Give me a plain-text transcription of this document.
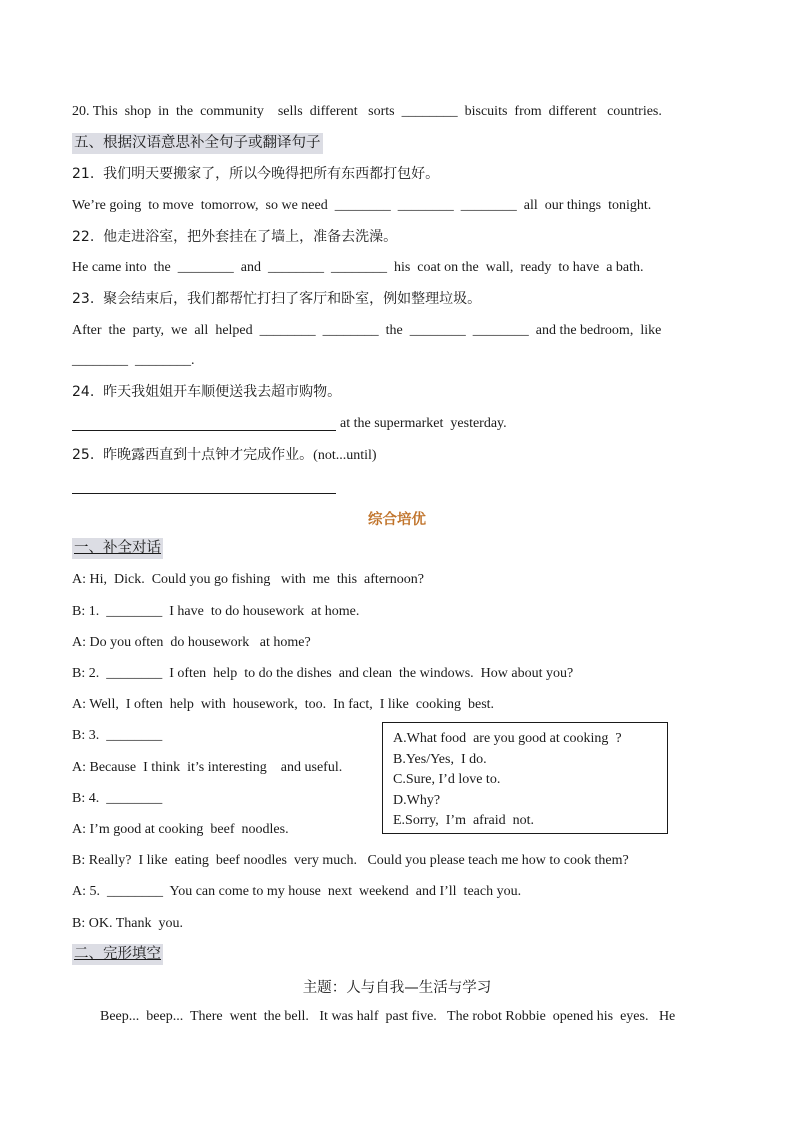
20. This  shop  in  the  community    sells  different   sorts  ________  biscuits  from  different   countries.
五、根据汉语意思补全句子或翻译句子
21.  我们明天要搬家了，所以今晚得把所有东西都打包好。
We’re going  to move  tomorrow,  so we need  ________  ________  ________  all  our things  tonight.
22.  他走进浴室，把外套挂在了墙上，准备去洗澡。
He came into  the  ________  and  ________  ________  his  coat on the  wall,  ready  to have  a bath.
23.  聚会结束后，我们都帮忙打扫了客厅和卧室，例如整理垃圾。
After  the  party,  we  all  helped  ________  ________  the  ________  ________  and the bedroom,  like
________  ________.
24.  昨天我姐姐开车顺便送我去超市购物。
at the supermarket  yesterday.
25.  昨晚露西直到十点钟才完成作业。(not...until)
综合培优
一、补全对话
A: Hi,  Dick.  Could you go fishing   with  me  this  afternoon?
B: 1.  ________  I have  to do housework  at home.
A: Do you often  do housework   at home?
B: 2.  ________  I often  help  to do the dishes  and clean  the windows.  How about you?
A: Well,  I often  help  with  housework,  too.  In fact,  I like  cooking  best.
B: 3.  ________
A: Because  I think  it’s interesting    and useful.
B: 4.  ________
A: I’m good at cooking  beef  noodles.
B: Really?  I like  eating  beef noodles  very much.   Could you please teach me how to cook them?
A: 5.  ________  You can come to my house  next  weekend  and I’ll  teach you.
B: OK. Thank  you.
A.What food  are you good at cooking  ?
B.Yes/Yes,  I do.
C.Sure, I’d love to.
D.Why?
E.Sorry,  I’m  afraid  not.
二、完形填空
主题：人与自我—生活与学习
Beep...  beep...  There  went  the bell.   It was half  past five.   The robot Robbie  opened his  eyes.   He
